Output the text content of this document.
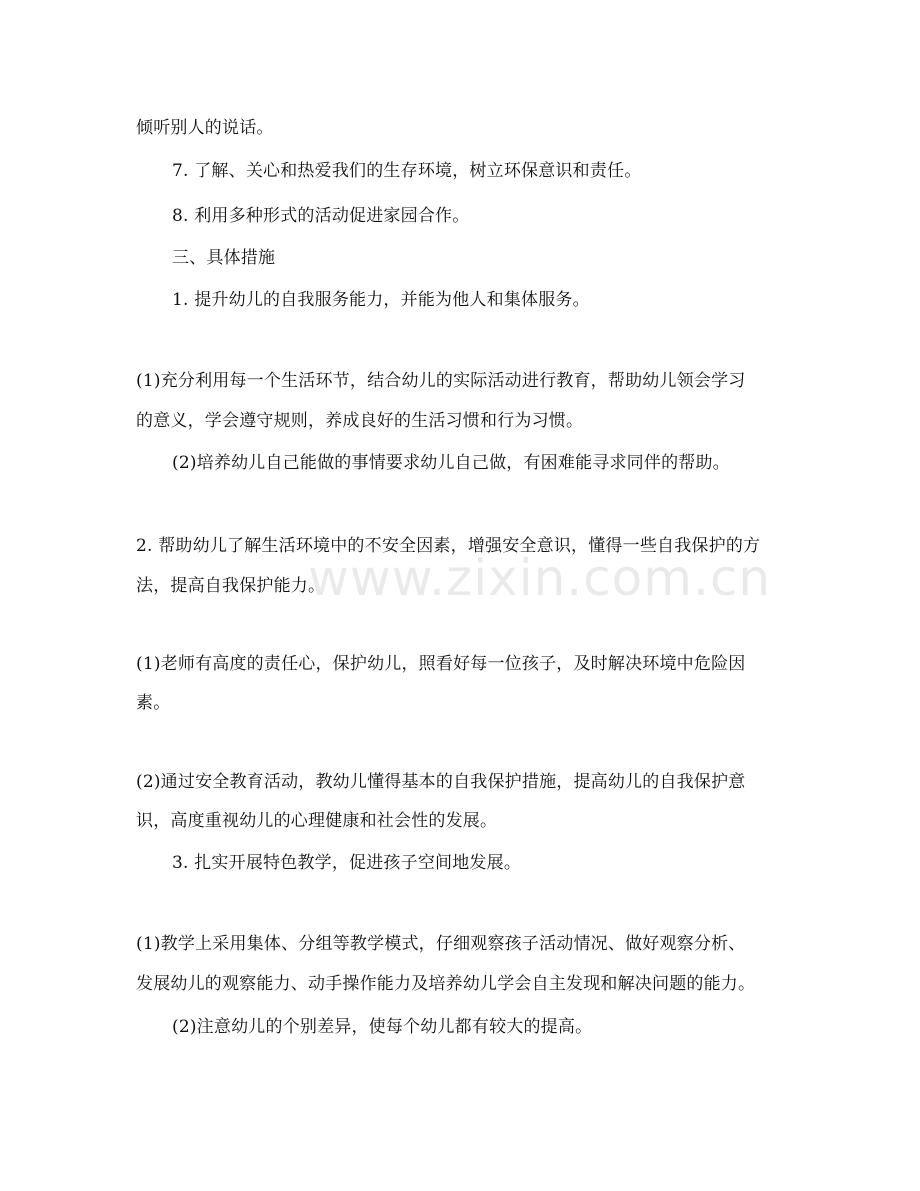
www.zixin.com.cn
倾听别人的说话。
7. 了解、关心和热爱我们的生存环境，树立环保意识和责任。
8. 利用多种形式的活动促进家园合作。
三、具体措施
1. 提升幼儿的自我服务能力，并能为他人和集体服务。
(1)充分利用每一个生活环节，结合幼儿的实际活动进行教育，帮助幼儿领会学习
的意义，学会遵守规则，养成良好的生活习惯和行为习惯。
(2)培养幼儿自己能做的事情要求幼儿自己做，有困难能寻求同伴的帮助。
2. 帮助幼儿了解生活环境中的不安全因素，增强安全意识，懂得一些自我保护的方
法，提高自我保护能力。
(1)老师有高度的责任心，保护幼儿，照看好每一位孩子，及时解决环境中危险因
素。
(2)通过安全教育活动，教幼儿懂得基本的自我保护措施，提高幼儿的自我保护意
识，高度重视幼儿的心理健康和社会性的发展。
3. 扎实开展特色教学，促进孩子空间地发展。
(1)教学上采用集体、分组等教学模式，仔细观察孩子活动情况、做好观察分析、
发展幼儿的观察能力、动手操作能力及培养幼儿学会自主发现和解决问题的能力。
(2)注意幼儿的个别差异，使每个幼儿都有较大的提高。
